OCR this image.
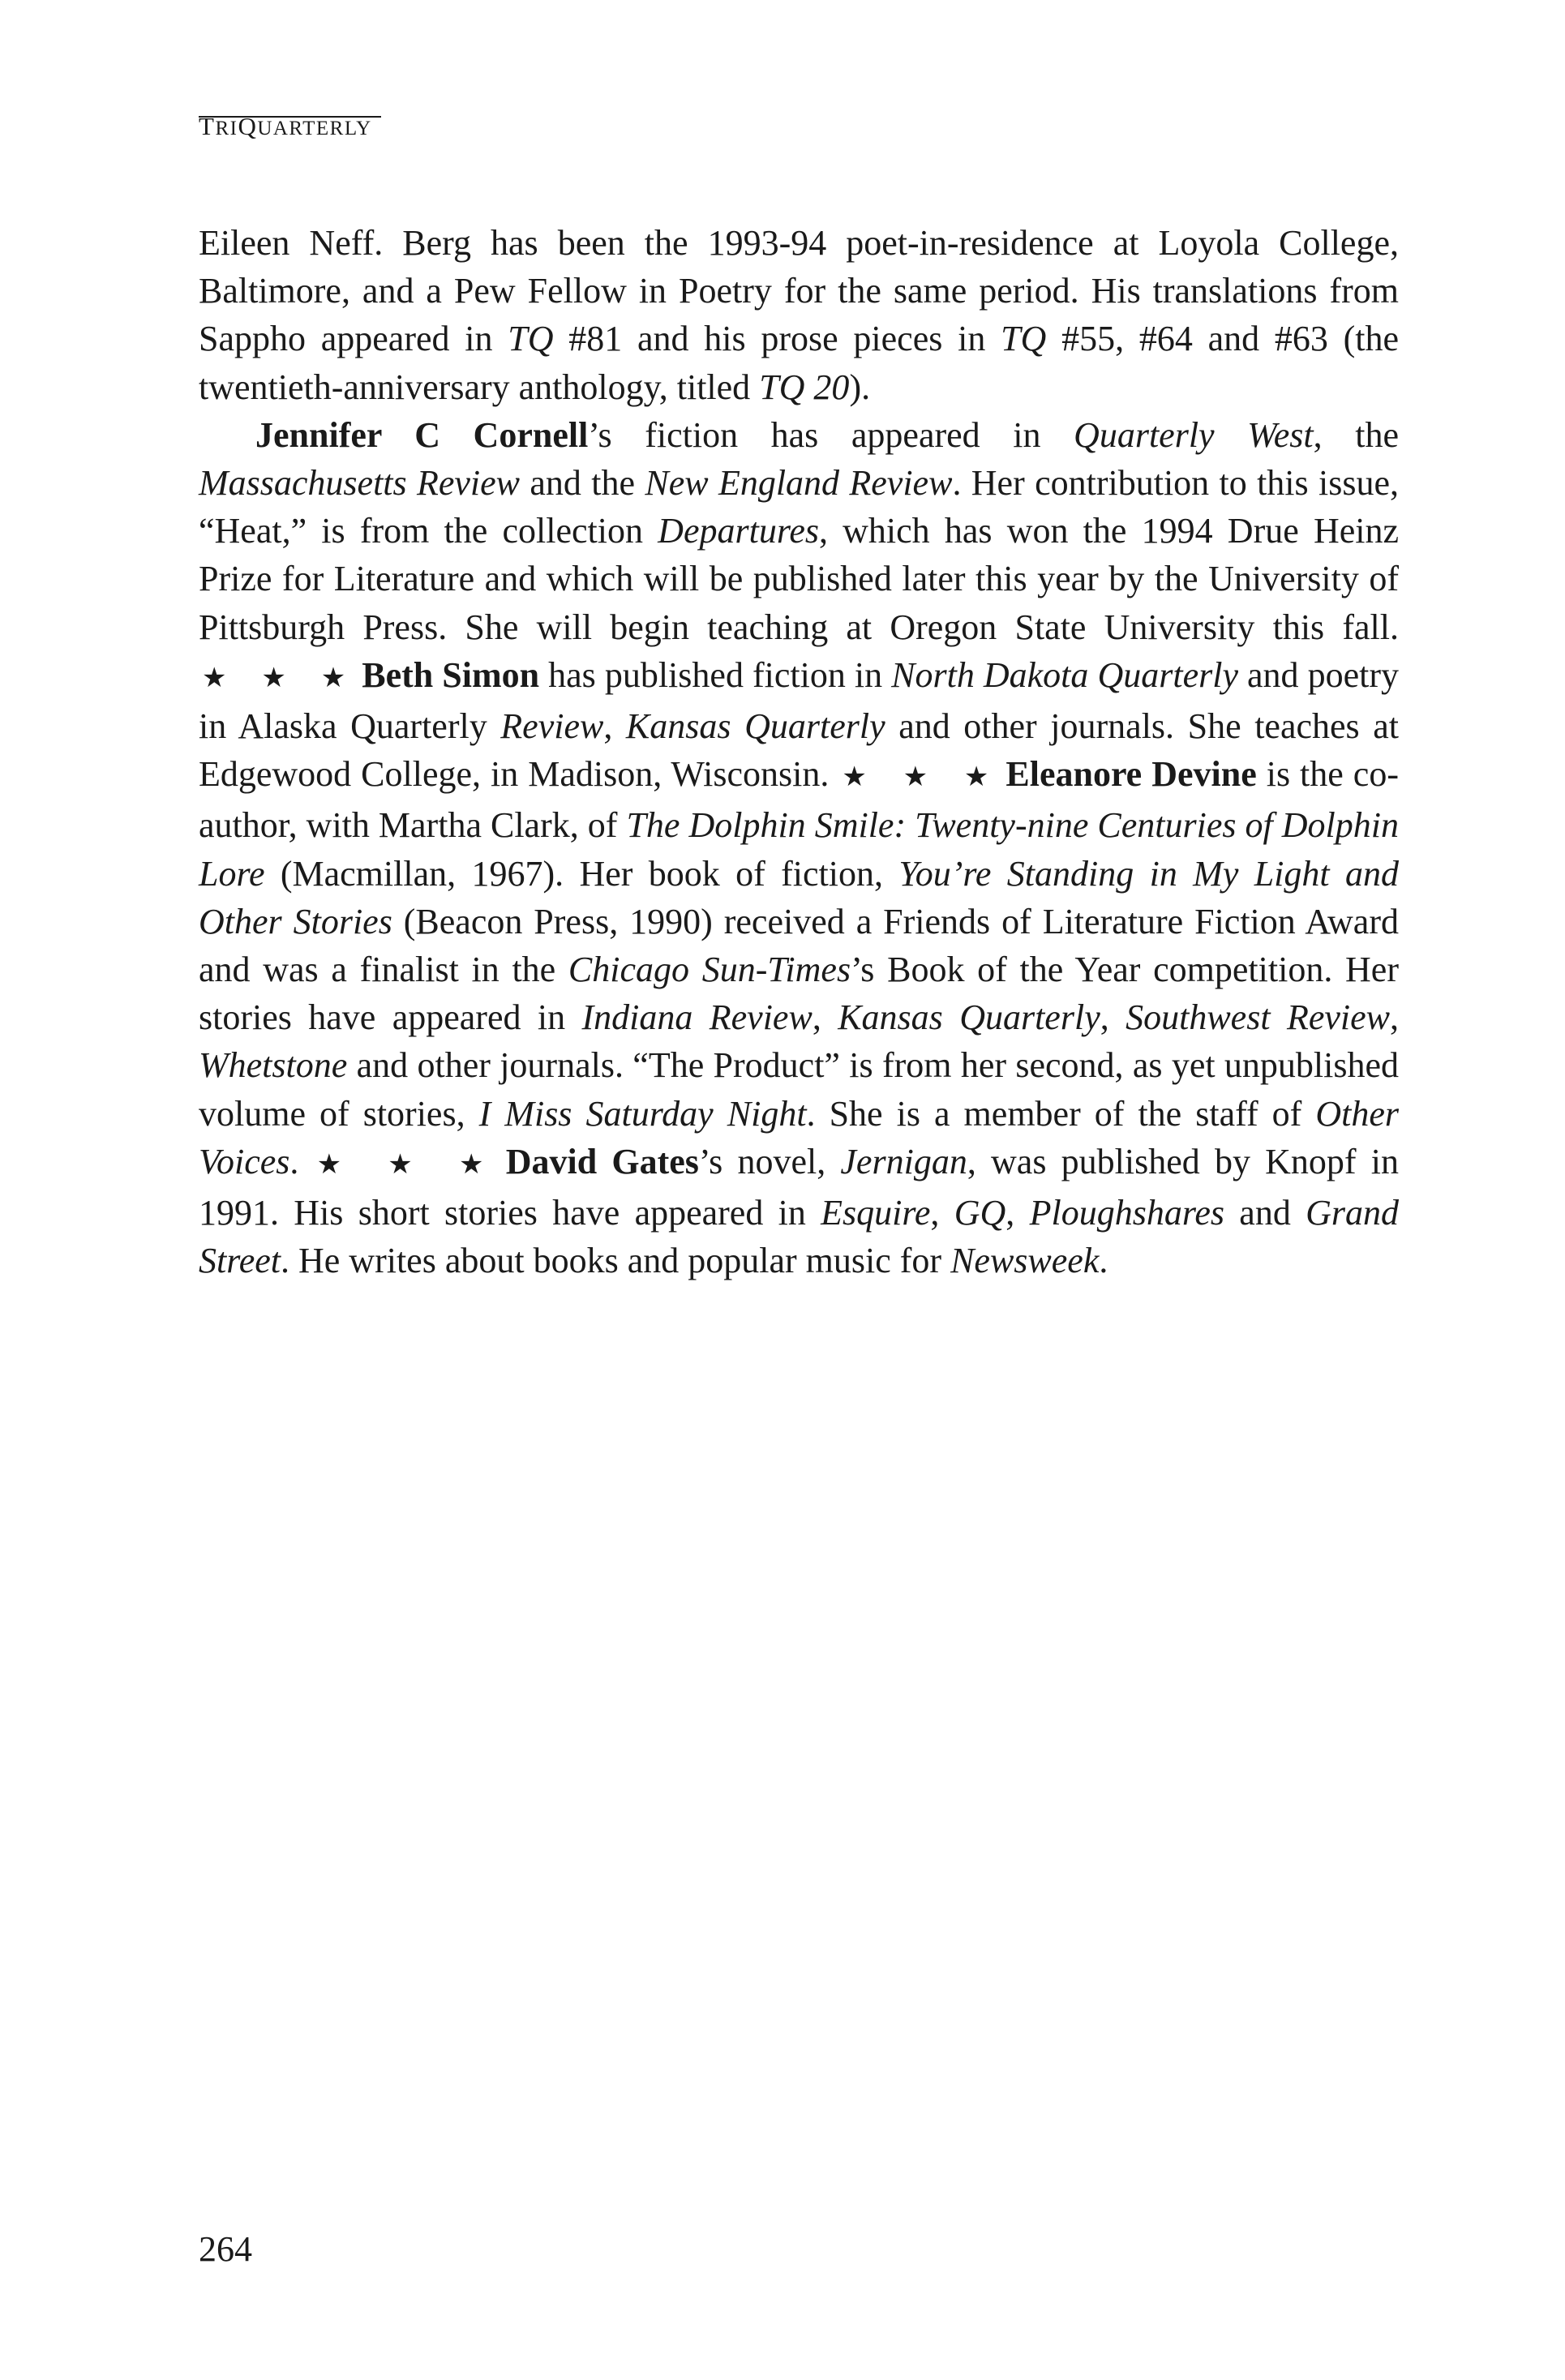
TRIQUARTERLY

Eileen Neff. Berg has been the 1993-94 poet-in-residence at Loyola College, Baltimore, and a Pew Fellow in Poetry for the same period. His translations from Sappho appeared in TQ #81 and his prose pieces in TQ #55, #64 and #63 (the twentieth-anniversary anthology, titled TQ 20).

Jennifer C Cornell’s fiction has appeared in Quarterly West, the Massachusetts Review and the New England Review. Her contribution to this issue, “Heat,” is from the collection Departures, which has won the 1994 Drue Heinz Prize for Literature and which will be published later this year by the University of Pittsburgh Press. She will begin teaching at Oregon State University this fall. ★ ★ ★Beth Simon has published fiction in North Dakota Quarterly and poetry in Alaska Quarterly Review, Kansas Quarterly and other journals. She teaches at Edgewood College, in Madison, Wisconsin. ★ ★ ★Eleanore Devine is the co-author, with Martha Clark, of The Dolphin Smile: Twenty-nine Centuries of Dolphin Lore (Macmillan, 1967). Her book of fiction, You’re Standing in My Light and Other Stories (Beacon Press, 1990) received a Friends of Literature Fiction Award and was a finalist in the Chicago Sun-Times’s Book of the Year competition. Her stories have appeared in Indiana Review, Kansas Quarterly, Southwest Review, Whetstone and other journals. “The Product” is from her second, as yet unpublished volume of stories, I Miss Saturday Night. She is a member of the staff of Other Voices. ★ ★ ★David Gates’s novel, Jernigan, was published by Knopf in 1991. His short stories have appeared in Esquire, GQ, Ploughshares and Grand Street. He writes about books and popular music for Newsweek.

264
